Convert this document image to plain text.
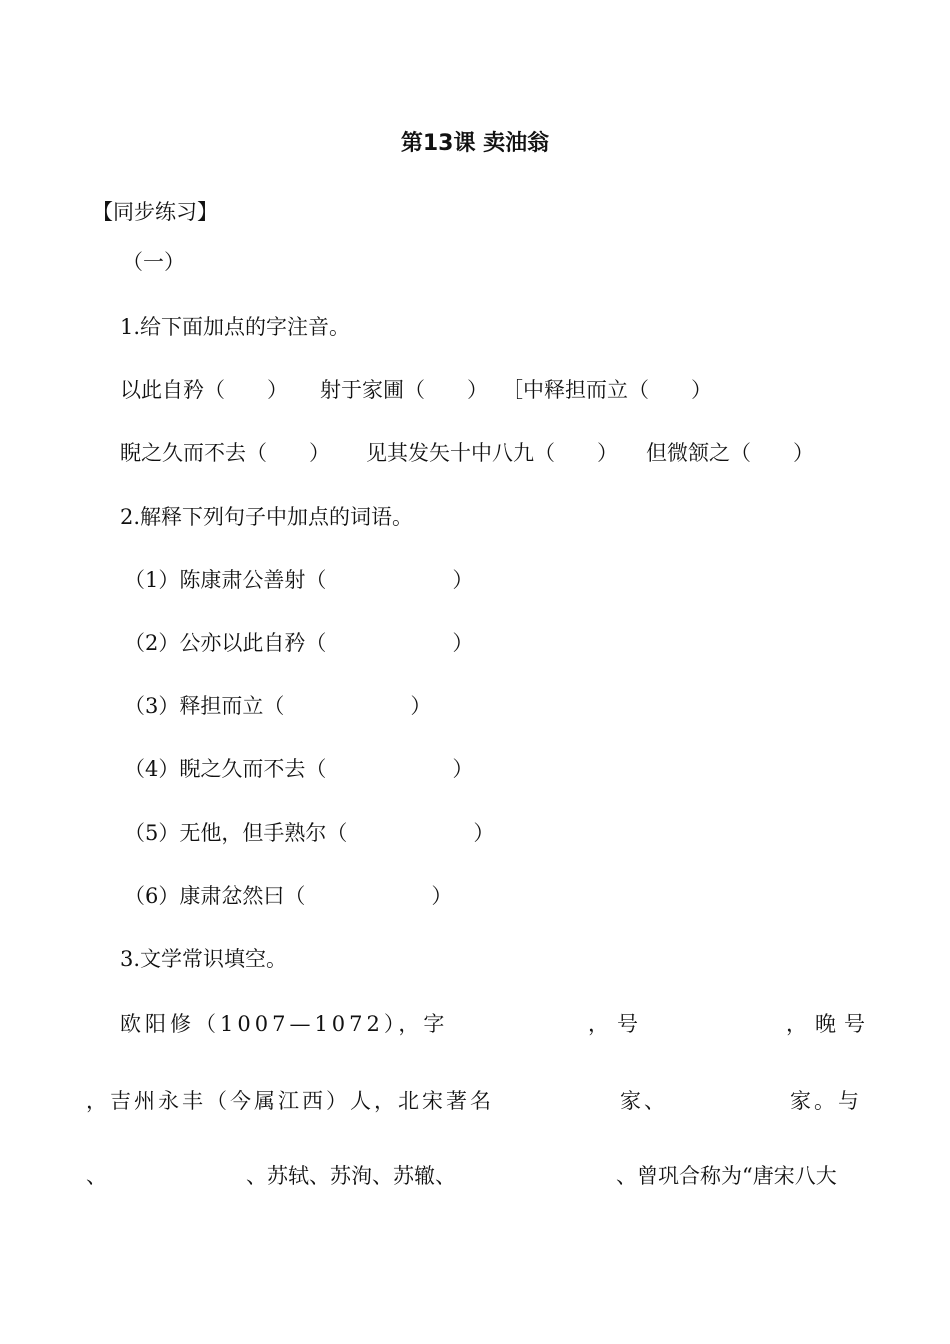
第13课 卖油翁
【同步练习】
（一）
1.给下面加点的字注音。
以此自矜（　　） 射于家圃（　　） ［中释担而立（　　）
睨之久而不去（　　） 见其发矢十中八九（　　） 但微颔之（　　）
2.解释下列句子中加点的词语。
（1）陈康肃公善射（　　　　　　）
（2）公亦以此自矜（　　　　　　）
（3）释担而立（　　　　　　）
（4）睨之久而不去（　　　　　　）
（5）无他，但手熟尔（　　　　　　）
（6）康肃忿然曰（　　　　　　）
3.文学常识填空。
欧阳修（1007—1072），字	，号	，晚号
，吉州永丰（今属江西）人，北宋著名	家、	家。与
、	、苏轼、苏洵、苏辙、	、曾巩合称为“唐宋八大
